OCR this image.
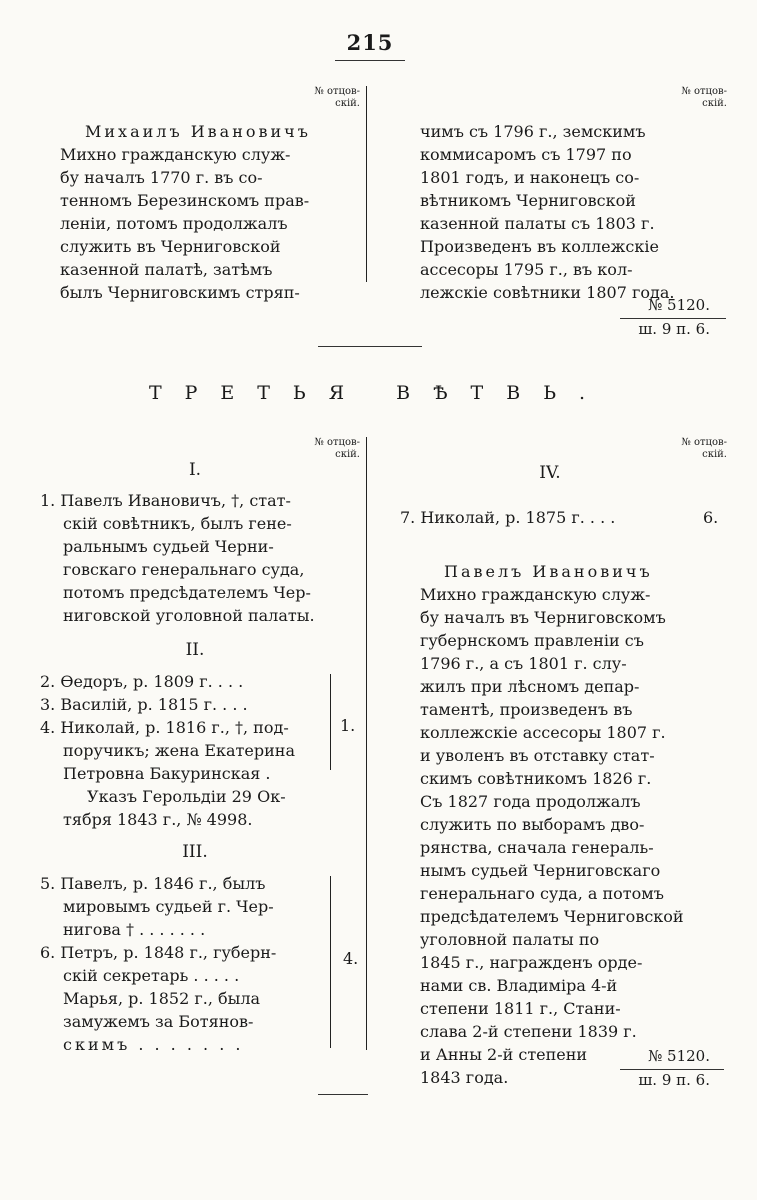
215
№ отцов-
скій.
№ отцов-
скій.
Михаилъ Ивановичъ
Михно гражданскую служ-
бу началъ 1770 г. въ со-
тенномъ Березинскомъ прав-
леніи, потомъ продолжалъ
служить въ Черниговской
казенной палатѣ, затѣмъ
былъ Черниговскимъ стряп-
чимъ съ 1796 г., земскимъ
коммисаромъ съ 1797 по
1801 годъ, и наконецъ со-
вѣтникомъ Черниговской
казенной палаты съ 1803 г.
Произведенъ въ коллежскіе
ассесоры 1795 г., въ кол-
лежскіе совѣтники 1807 года.
№ 5120.
ш. 9 п. 6.
ТРЕТЬЯ ВѢТВЬ.
№ отцов-
скій.
№ отцов-
скій.
I.
1. Павелъ Ивановичъ, †, стат-
скій совѣтникъ, былъ гене-
ральнымъ судьей Черни-
говскаго генеральнаго суда,
потомъ предсѣдателемъ Чер-
ниговской уголовной палаты.
II.
2. Ѳедоръ, р. 1809 г. . . .
3. Василій, р. 1815 г. . . .
4. Николай, р. 1816 г., †, под-
поручикъ; жена Екатерина
Петровна Бакуринская .
Указъ Герольдіи 29 Ок-
тября 1843 г., № 4998.
1.
III.
5. Павелъ, р. 1846 г., былъ
мировымъ судьей г. Чер-
нигова † . . . . . . .
6. Петръ, р. 1848 г., губерн-
скій секретарь . . . . .
Марья, р. 1852 г., была
замужемъ за Ботянов-
скимъ . . . . . . .
4.
IV.
7. Николай, р. 1875 г. . . .	6.
Павелъ Ивановичъ
Михно гражданскую служ-
бу началъ въ Черниговскомъ
губернскомъ правленіи съ
1796 г., а съ 1801 г. слу-
жилъ при лѣсномъ депар-
таментѣ, произведенъ въ
коллежскіе ассесоры 1807 г.
и уволенъ въ отставку стат-
скимъ совѣтникомъ 1826 г.
Съ 1827 года продолжалъ
служить по выборамъ дво-
рянства, сначала генераль-
нымъ судьей Черниговскаго
генеральнаго суда, а потомъ
предсѣдателемъ Черниговской
уголовной палаты по
1845 г., награжденъ орде-
нами св. Владиміра 4-й
степени 1811 г., Стани-
слава 2-й степени 1839 г.
и Анны 2-й степени
1843 года.
№ 5120.
ш. 9 п. 6.
